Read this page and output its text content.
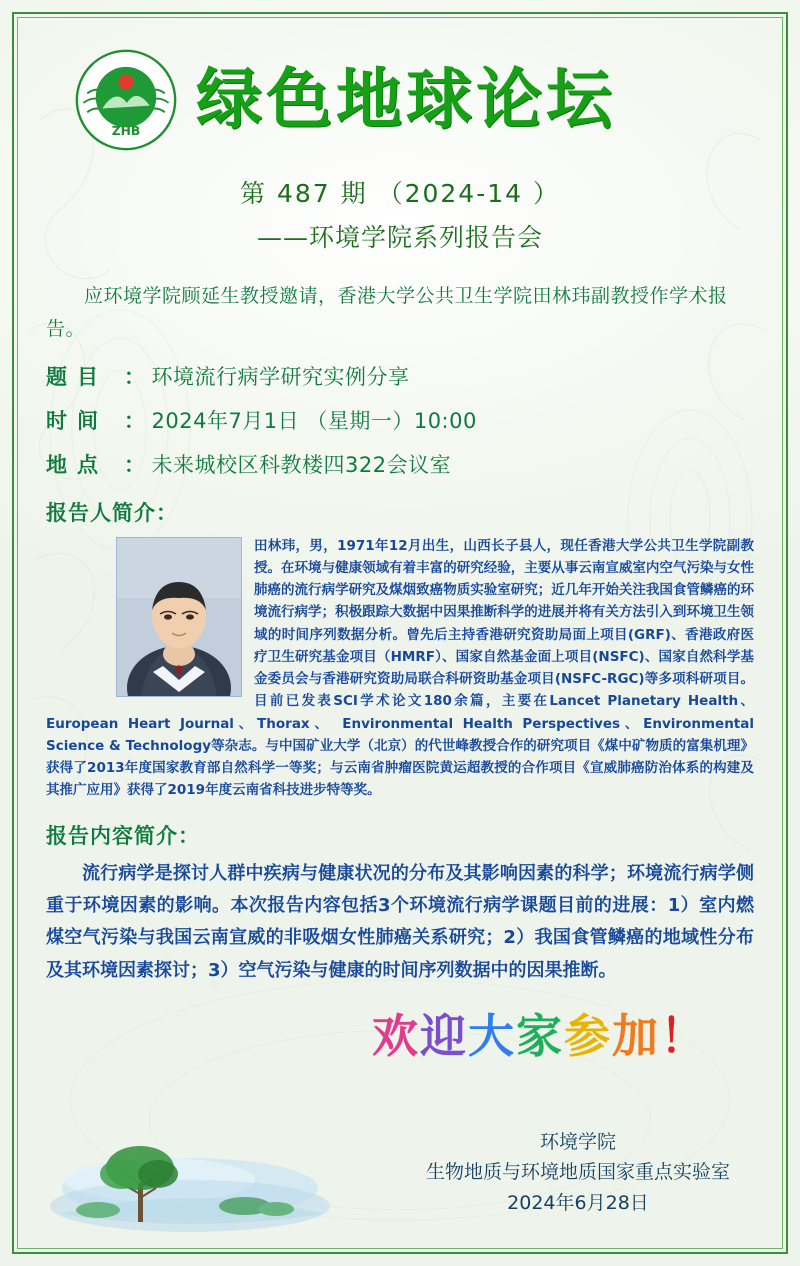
ZHB 绿色地球论坛
第 487 期 （2024-14 ）
——环境学院系列报告会
应环境学院顾延生教授邀请，香港大学公共卫生学院田林玮副教授作学术报告。
题目 ： 环境流行病学研究实例分享
时间 ： 2024年7月1日 （星期一）10:00
地点 ： 未来城校区科教楼四322会议室
报告人简介：
田林玮，男，1971年12月出生，山西长子县人，现任香港大学公共卫生学院副教授。在环境与健康领域有着丰富的研究经验，主要从事云南宣威室内空气污染与女性肺癌的流行病学研究及煤烟致癌物质实验室研究；近几年开始关注我国食管鳞癌的环境流行病学；积极跟踪大数据中因果推断科学的进展并将有关方法引入到环境卫生领域的时间序列数据分析。曾先后主持香港研究资助局面上项目(GRF)、香港政府医疗卫生研究基金项目（HMRF）、国家自然基金面上项目(NSFC)、国家自然科学基金委员会与香港研究资助局联合科研资助基金项目(NSFC-RGC)等多项科研项目。目前已发表SCI学术论文180余篇，主要在Lancet Planetary Health、European Heart Journal、Thorax、 Environmental Health Perspectives、Environmental Science & Technology等杂志。与中国矿业大学（北京）的代世峰教授合作的研究项目《煤中矿物质的富集机理》获得了2013年度国家教育部自然科学一等奖；与云南省肿瘤医院黄运超教授的合作项目《宣威肺癌防治体系的构建及其推广应用》获得了2019年度云南省科技进步特等奖。
报告内容简介：
流行病学是探讨人群中疾病与健康状况的分布及其影响因素的科学；环境流行病学侧重于环境因素的影响。本次报告内容包括3个环境流行病学课题目前的进展：1）室内燃煤空气污染与我国云南宣威的非吸烟女性肺癌关系研究；2）我国食管鳞癌的地域性分布及其环境因素探讨；3）空气污染与健康的时间序列数据中的因果推断。
欢迎大家参加！
环境学院
生物地质与环境地质国家重点实验室
2024年6月28日
